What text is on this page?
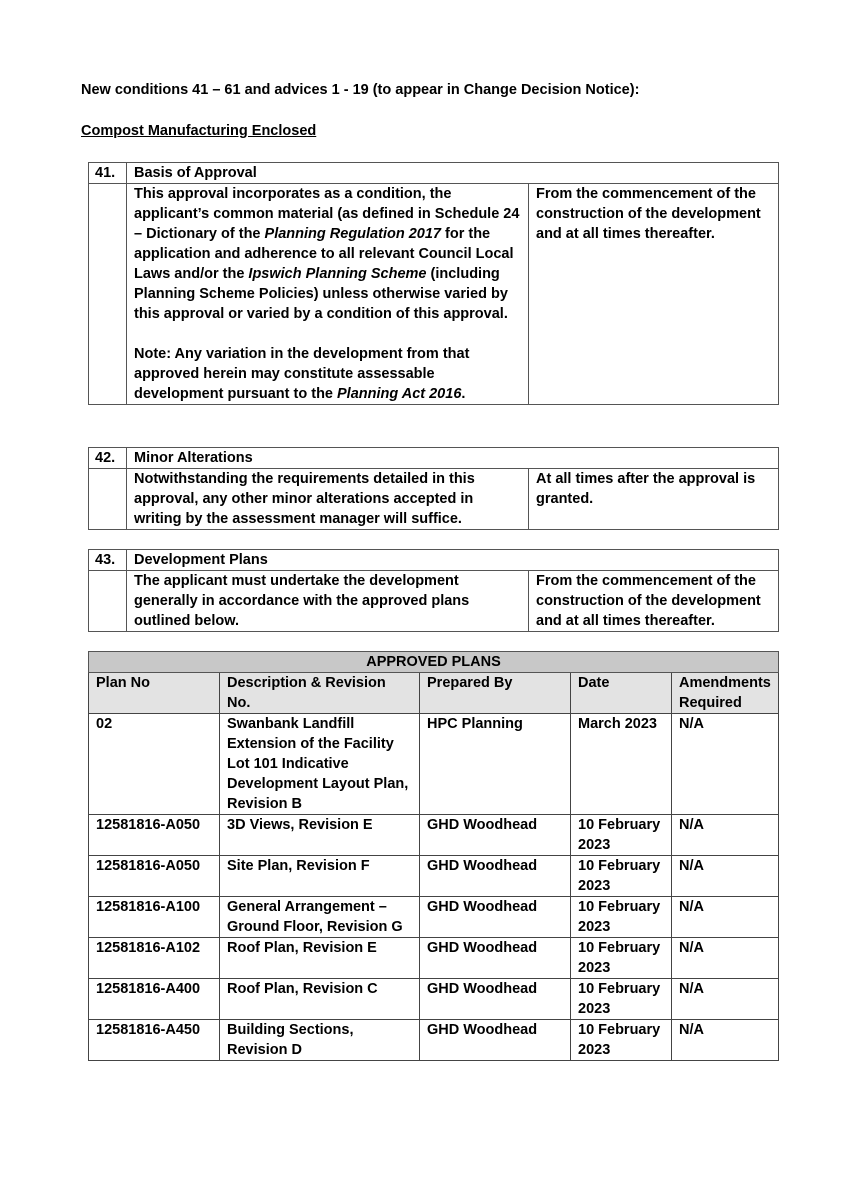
New conditions 41 – 61 and advices 1 - 19 (to appear in Change Decision Notice):
Compost Manufacturing Enclosed
41.	Basis of Approval	
	This approval incorporates as a condition, the applicant’s common material (as defined in Schedule 24 – Dictionary of the Planning Regulation 2017 for the application and adherence to all relevant Council Local Laws and/or the Ipswich Planning Scheme (including Planning Scheme Policies) unless otherwise varied by this approval or varied by a condition of this approval.
Note: Any variation in the development from that approved herein may constitute assessable development pursuant to the Planning Act 2016.	From the commencement of the construction of the development and at all times thereafter.
42.	Minor Alterations	
	Notwithstanding the requirements detailed in this approval, any other minor alterations accepted in writing by the assessment manager will suffice.	At all times after the approval is granted.
43.	Development Plans	
	The applicant must undertake the development generally in accordance with the approved plans outlined below.	From the commencement of the construction of the development and at all times thereafter.
APPROVED PLANS				
Plan No	Description & Revision No.	Prepared By	Date	Amendments Required
02	Swanbank Landfill Extension of the Facility Lot 101 Indicative Development Layout Plan, Revision B	HPC Planning	March 2023	N/A
12581816-A050	3D Views, Revision E	GHD Woodhead	10 February 2023	N/A
12581816-A050	Site Plan, Revision F	GHD Woodhead	10 February 2023	N/A
12581816-A100	General Arrangement – Ground Floor, Revision G	GHD Woodhead	10 February 2023	N/A
12581816-A102	Roof Plan, Revision E	GHD Woodhead	10 February 2023	N/A
12581816-A400	Roof Plan, Revision C	GHD Woodhead	10 February 2023	N/A
12581816-A450	Building Sections, Revision D	GHD Woodhead	10 February 2023	N/A
